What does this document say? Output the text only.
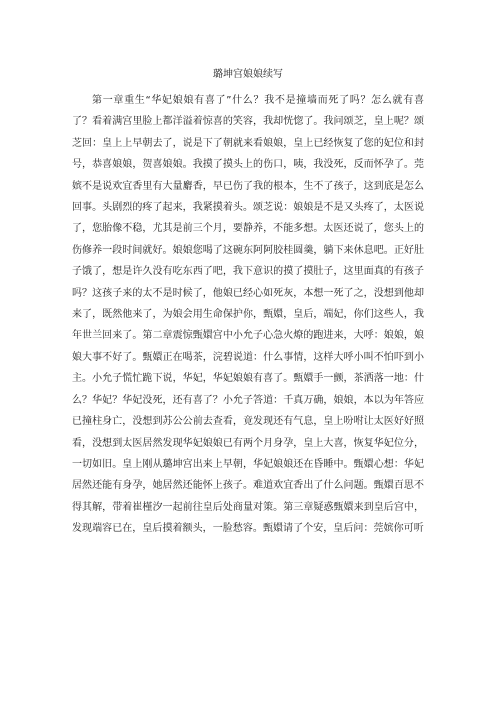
璐坤宫娘娘续写

第一章重生“华妃娘娘有喜了”什么？我不是撞墙而死了吗？怎么就有喜了？看着满宫里脸上都洋溢着惊喜的笑容，我却恍惚了。我问颂芝，皇上呢？颂芝回：皇上上早朝去了，说是下了朝就来看娘娘，皇上已经恢复了您的妃位和封号，恭喜娘娘，贺喜娘娘。我摸了摸头上的伤口，咦，我没死，反而怀孕了。莞嫔不是说欢宜香里有大量麝香，早已伤了我的根本，生不了孩子，这到底是怎么回事。头剧烈的疼了起来，我紧摸着头。颂芝说：娘娘是不是又头疼了，太医说了，您胎像不稳，尤其是前三个月，要静养，不能多想。太医还说了，您头上的伤修养一段时间就好。娘娘您喝了这碗东阿阿胶桂圆羹，躺下来休息吧。正好肚子饿了，想是许久没有吃东西了吧，我下意识的摸了摸肚子，这里面真的有孩子吗？这孩子来的太不是时候了，他娘已经心如死灰，本想一死了之，没想到他却来了，既然他来了，为娘会用生命保护你，甄嬛，皇后，端妃，你们这些人，我年世兰回来了。第二章震惊甄嬛宫中小允子心急火燎的跑进来，大呼：娘娘，娘娘大事不好了。甄嬛正在喝茶，浣碧说道：什么事情，这样大呼小叫不怕吓到小主。小允子慌忙跪下说，华妃，华妃娘娘有喜了。甄嬛手一颤，茶洒落一地：什么？华妃？华妃没死，还有喜了？小允子答道：千真万确，娘娘，本以为年答应已撞柱身亡，没想到苏公公前去查看，竟发现还有气息，皇上吩咐让太医好好照看，没想到太医居然发现华妃娘娘已有两个月身孕，皇上大喜，恢复华妃位分，一切如旧。皇上刚从璐坤宫出来上早朝，华妃娘娘还在昏睡中。甄嬛心想：华妃居然还能有身孕，她居然还能怀上孩子。难道欢宜香出了什么问题。甄嬛百思不得其解，带着崔槿汐一起前往皇后处商量对策。第三章疑惑甄嬛来到皇后宫中，发现端容已在，皇后摸着额头，一脸愁容。甄嬛请了个安，皇后问：莞嫔你可听
